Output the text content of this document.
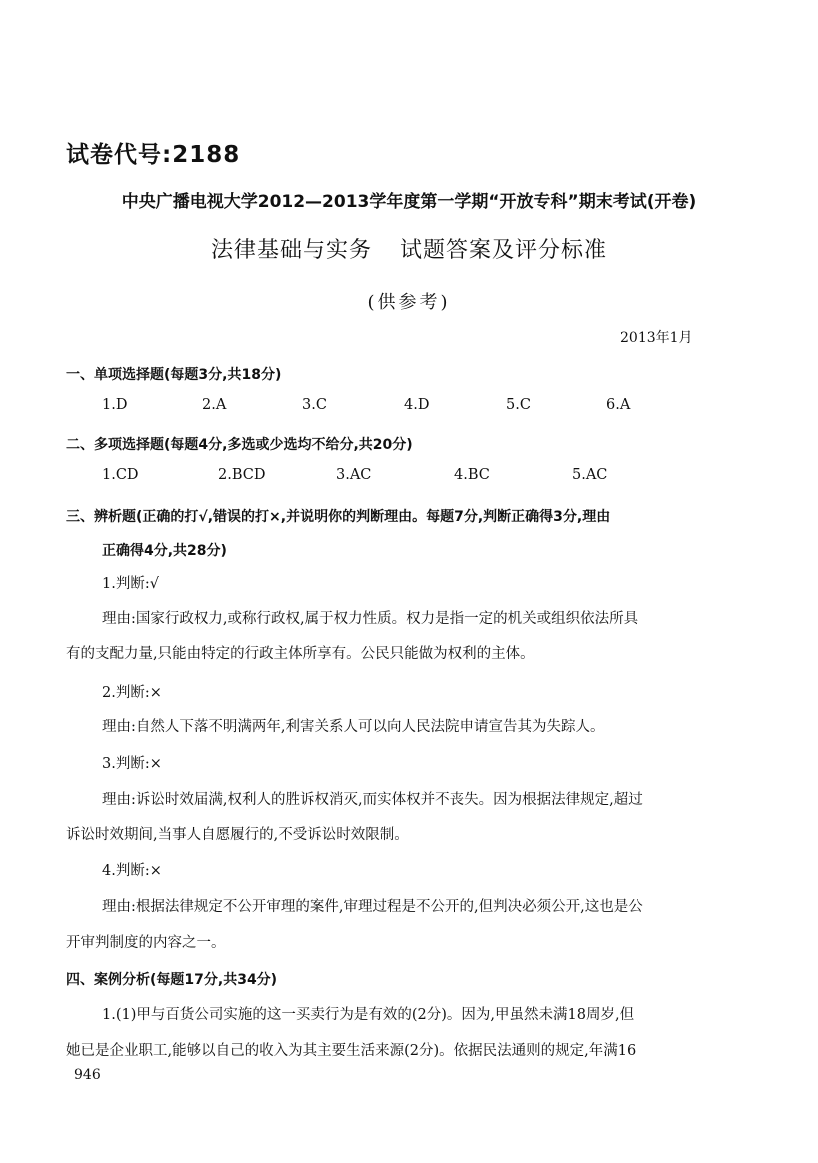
试卷代号:2188
中央广播电视大学2012—2013学年度第一学期“开放专科”期末考试(开卷)
法律基础与实务 试题答案及评分标准
(供参考)
2013年1月
一、单项选择题(每题3分,共18分)
1.D	2.A	3.C	4.D	5.C	6.A
二、多项选择题(每题4分,多选或少选均不给分,共20分)
1.CD	2.BCD	3.AC	4.BC	5.AC
三、辨析题(正确的打√,错误的打×,并说明你的判断理由。每题7分,判断正确得3分,理由
正确得4分,共28分)
1.判断:√
理由:国家行政权力,或称行政权,属于权力性质。权力是指一定的机关或组织依法所具
有的支配力量,只能由特定的行政主体所享有。公民只能做为权利的主体。
2.判断:×
理由:自然人下落不明满两年,利害关系人可以向人民法院申请宣告其为失踪人。
3.判断:×
理由:诉讼时效届满,权利人的胜诉权消灭,而实体权并不丧失。因为根据法律规定,超过
诉讼时效期间,当事人自愿履行的,不受诉讼时效限制。
4.判断:×
理由:根据法律规定不公开审理的案件,审理过程是不公开的,但判决必须公开,这也是公
开审判制度的内容之一。
四、案例分析(每题17分,共34分)
1.(1)甲与百货公司实施的这一买卖行为是有效的(2分)。因为,甲虽然未满18周岁,但
她已是企业职工,能够以自己的收入为其主要生活来源(2分)。依据民法通则的规定,年满16
946
